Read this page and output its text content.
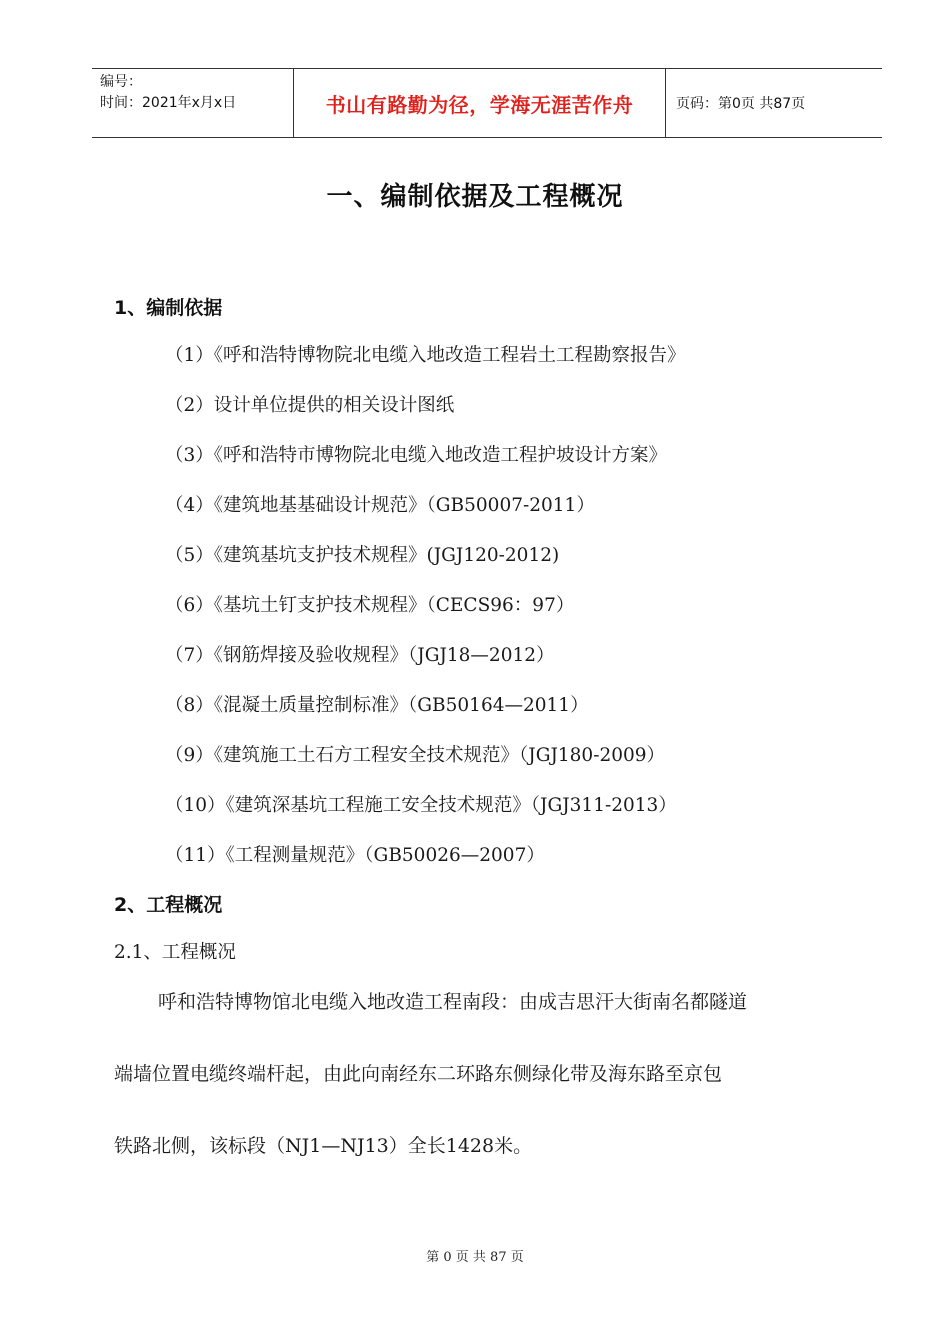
编号：
时间：2021年x月x日	书山有路勤为径，学海无涯苦作舟	页码：第0页 共87页
一、编制依据及工程概况
1、编制依据
（1）《呼和浩特博物院北电缆入地改造工程岩土工程勘察报告》
（2）设计单位提供的相关设计图纸
（3）《呼和浩特市博物院北电缆入地改造工程护坡设计方案》
（4）《建筑地基基础设计规范》（GB50007-2011）
（5）《建筑基坑支护技术规程》(JGJ120-2012)
（6）《基坑土钉支护技术规程》（CECS96：97）
（7）《钢筋焊接及验收规程》（JGJ18—2012）
（8）《混凝土质量控制标准》（GB50164—2011）
（9）《建筑施工土石方工程安全技术规范》（JGJ180-2009）
（10）《建筑深基坑工程施工安全技术规范》（JGJ311-2013）
（11）《工程测量规范》（GB50026—2007）
2、工程概况
2.1、工程概况
呼和浩特博物馆北电缆入地改造工程南段：由成吉思汗大街南名都隧道
端墙位置电缆终端杆起，由此向南经东二环路东侧绿化带及海东路至京包
铁路北侧，该标段（NJ1—NJ13）全长1428米。
第 0 页 共 87 页
